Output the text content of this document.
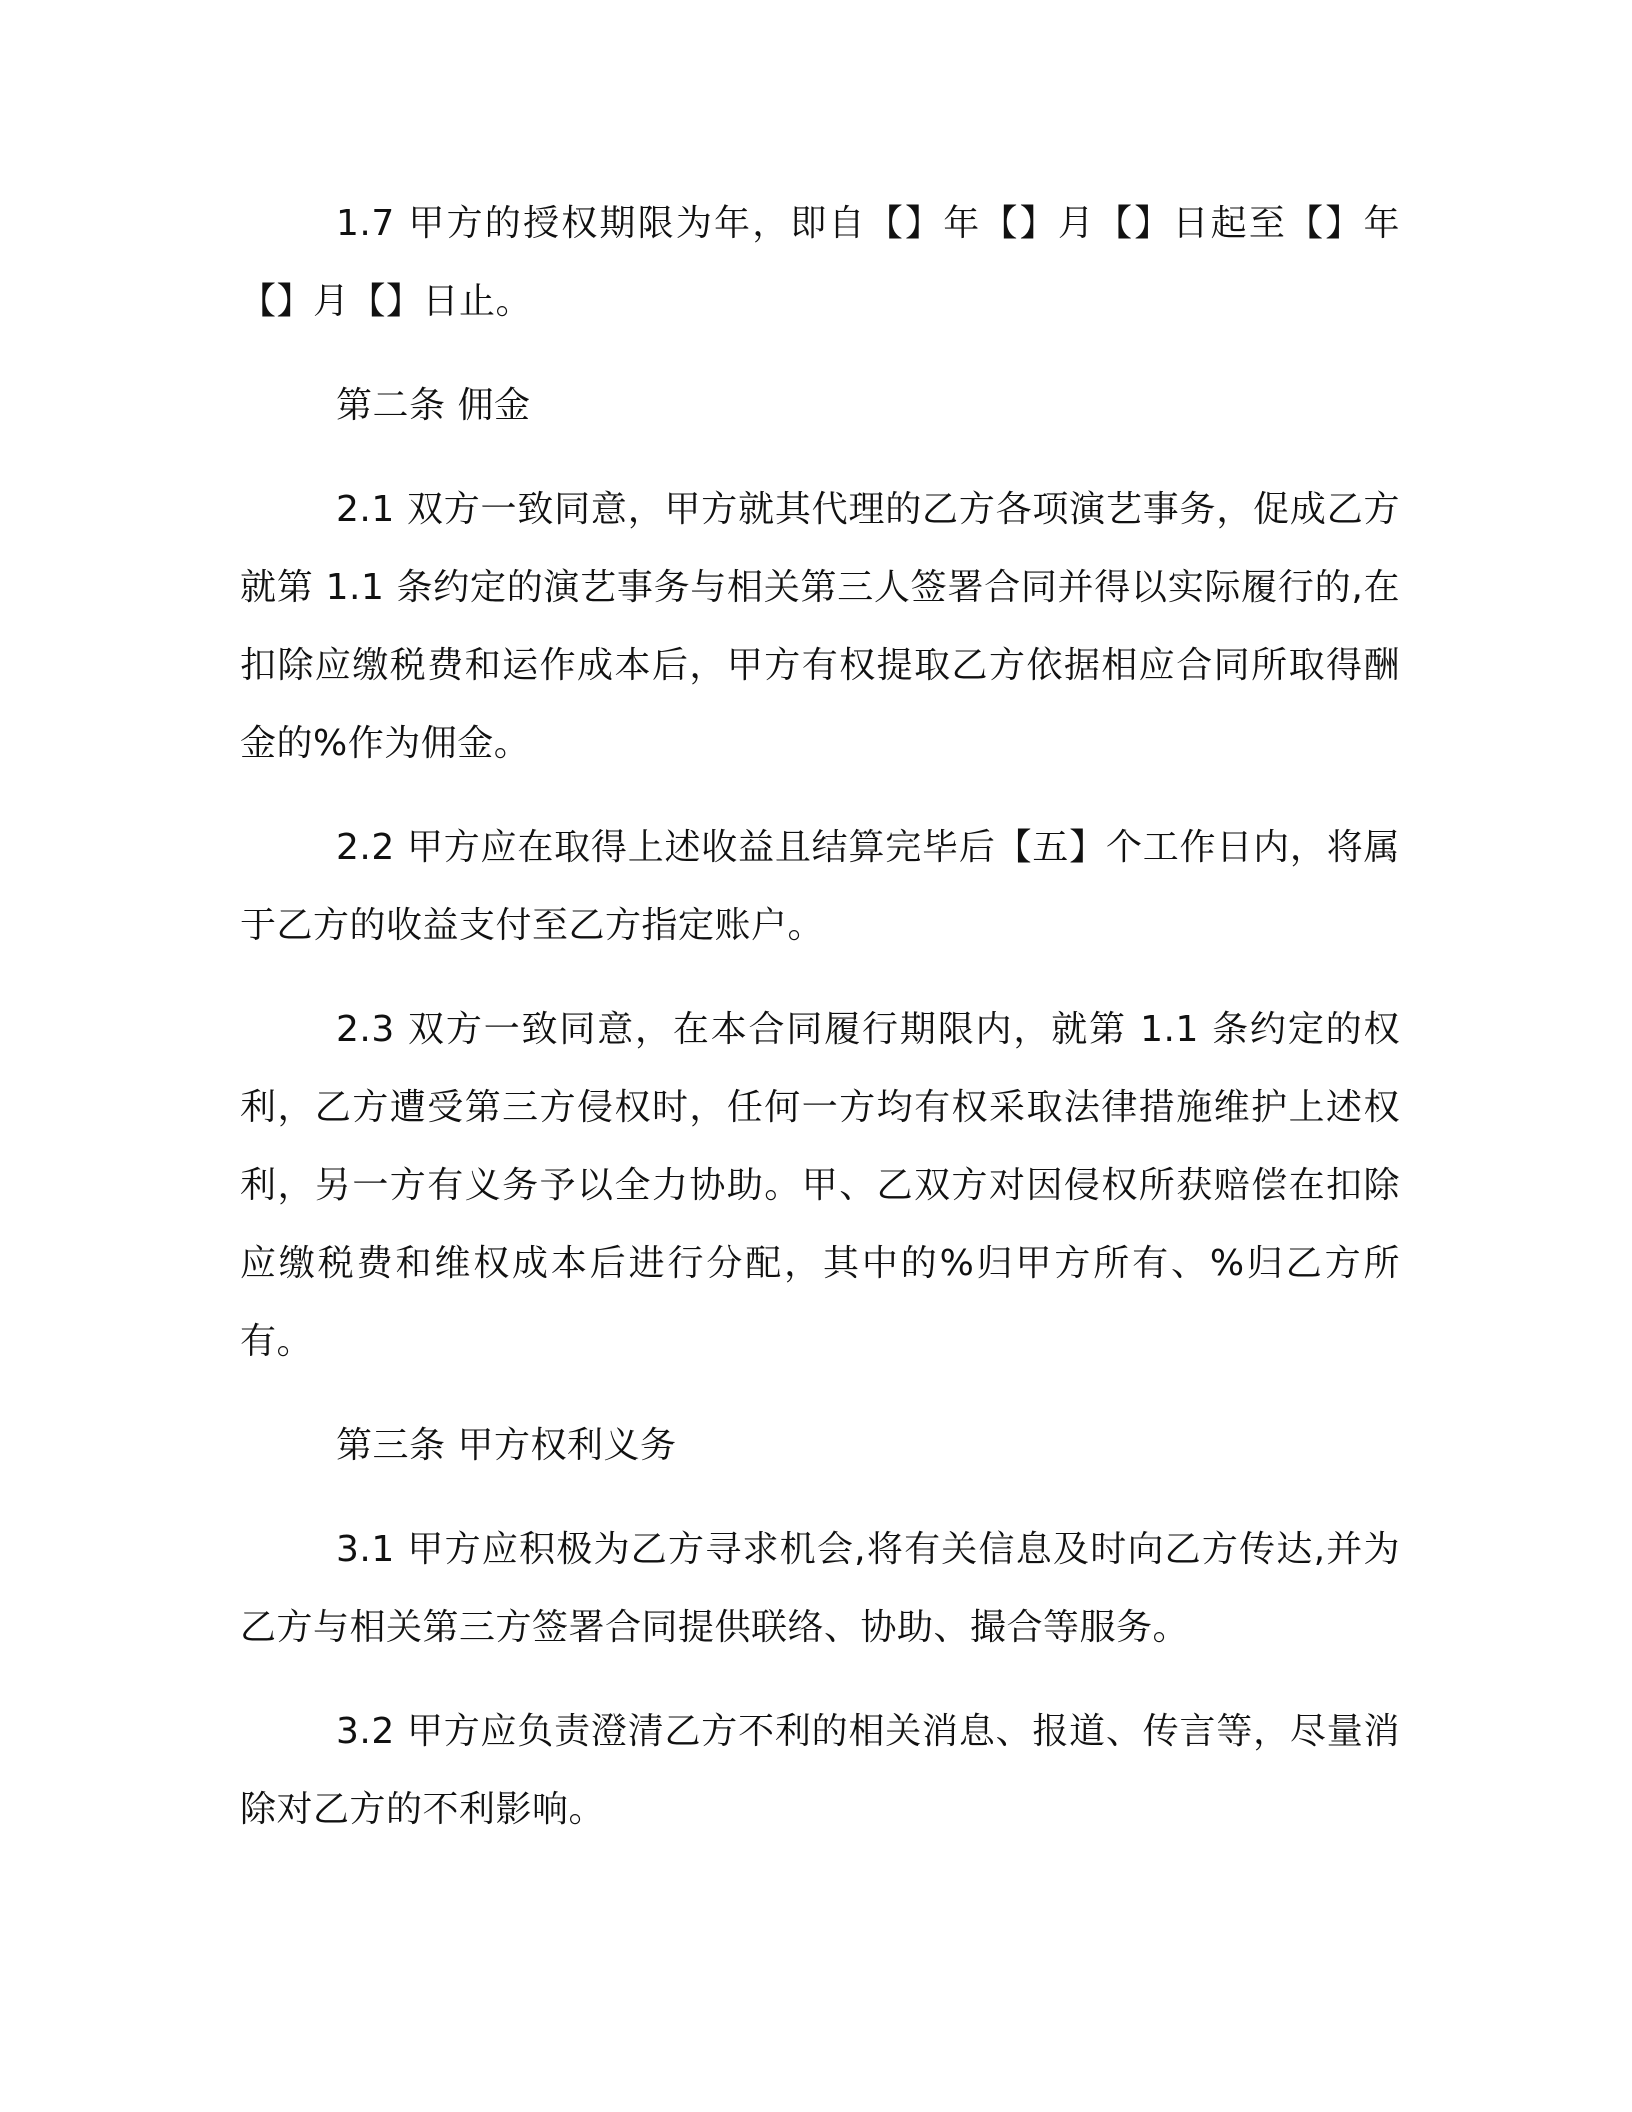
1.7 甲方的授权期限为年，即自【】年【】月【】日起至【】年【】月【】日止。

第二条 佣金

2.1 双方一致同意，甲方就其代理的乙方各项演艺事务，促成乙方就第 1.1 条约定的演艺事务与相关第三人签署合同并得以实际履行的,在扣除应缴税费和运作成本后，甲方有权提取乙方依据相应合同所取得酬金的%作为佣金。

2.2 甲方应在取得上述收益且结算完毕后【五】个工作日内，将属于乙方的收益支付至乙方指定账户。

2.3 双方一致同意，在本合同履行期限内，就第 1.1 条约定的权利，乙方遭受第三方侵权时，任何一方均有权采取法律措施维护上述权利，另一方有义务予以全力协助。甲、乙双方对因侵权所获赔偿在扣除应缴税费和维权成本后进行分配，其中的%归甲方所有、%归乙方所有。

第三条 甲方权利义务

3.1 甲方应积极为乙方寻求机会,将有关信息及时向乙方传达,并为乙方与相关第三方签署合同提供联络、协助、撮合等服务。

3.2 甲方应负责澄清乙方不利的相关消息、报道、传言等，尽量消除对乙方的不利影响。
